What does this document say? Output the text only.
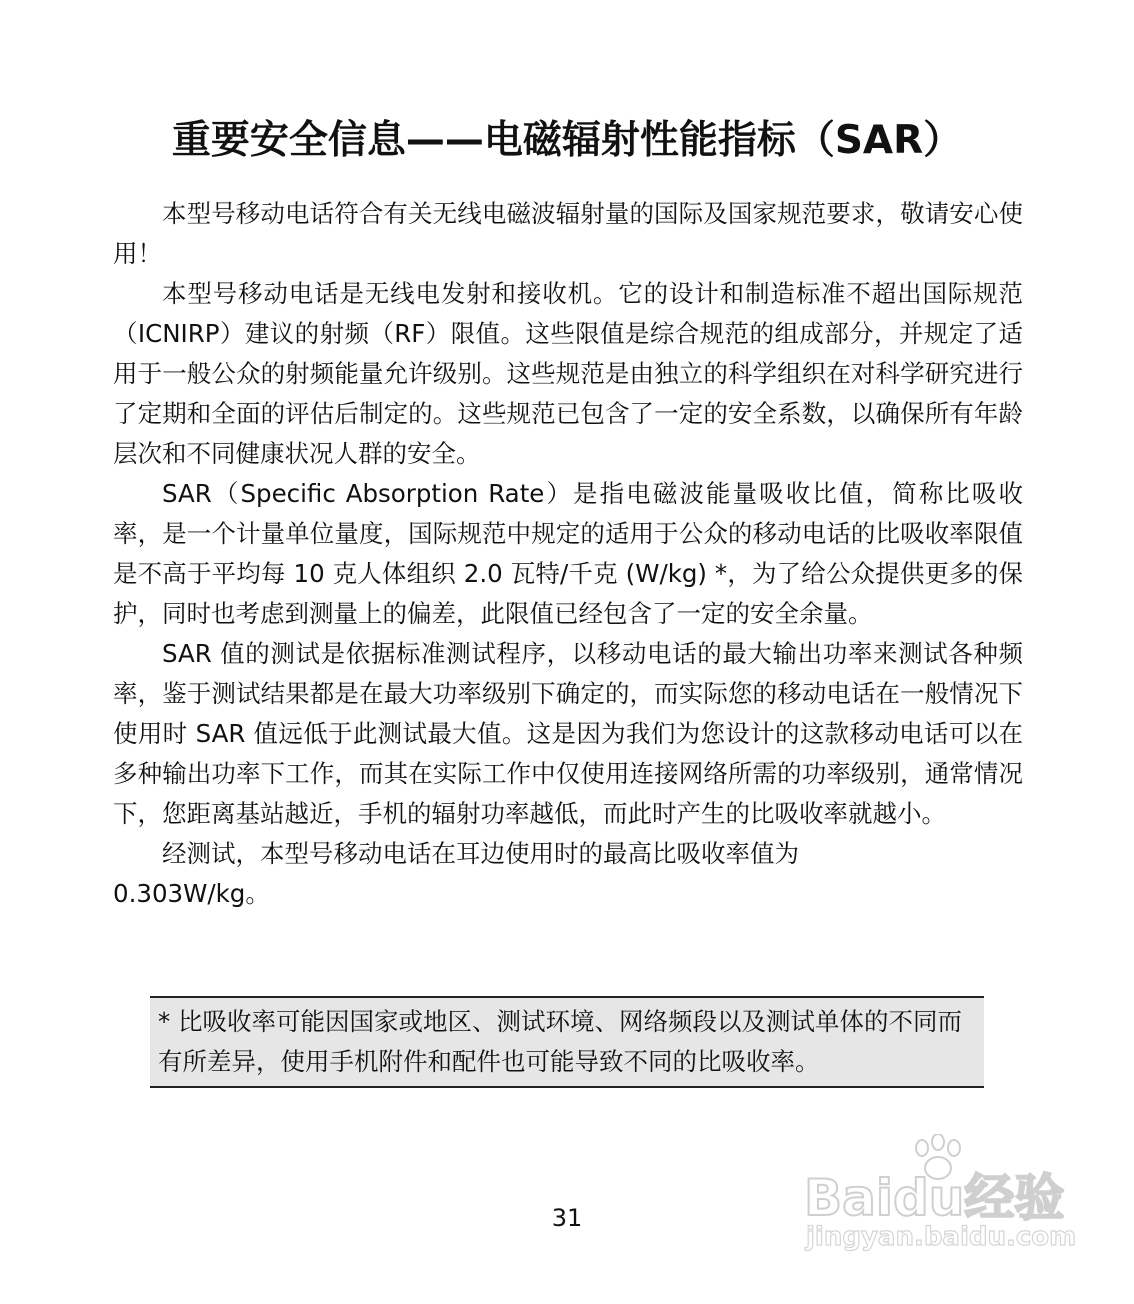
重要安全信息——电磁辐射性能指标（SAR）

本型号移动电话符合有关无线电磁波辐射量的国际及国家规范要求，敬请安心使用！

本型号移动电话是无线电发射和接收机。它的设计和制造标准不超出国际规范（ICNIRP）建议的射频（RF）限值。这些限值是综合规范的组成部分，并规定了适用于一般公众的射频能量允许级别。这些规范是由独立的科学组织在对科学研究进行了定期和全面的评估后制定的。这些规范已包含了一定的安全系数，以确保所有年龄层次和不同健康状况人群的安全。

SAR（Specific Absorption Rate）是指电磁波能量吸收比值，简称比吸收率，是一个计量单位量度，国际规范中规定的适用于公众的移动电话的比吸收率限值是不高于平均每 10 克人体组织 2.0 瓦特/千克 (W/kg) *，为了给公众提供更多的保护，同时也考虑到测量上的偏差，此限值已经包含了一定的安全余量。

SAR 值的测试是依据标准测试程序，以移动电话的最大输出功率来测试各种频率，鉴于测试结果都是在最大功率级别下确定的，而实际您的移动电话在一般情况下使用时 SAR 值远低于此测试最大值。这是因为我们为您设计的这款移动电话可以在多种输出功率下工作，而其在实际工作中仅使用连接网络所需的功率级别，通常情况下，您距离基站越近，手机的辐射功率越低，而此时产生的比吸收率就越小。

经测试，本型号移动电话在耳边使用时的最高比吸收率值为

0.303W/kg。

* 比吸收率可能因国家或地区、测试环境、网络频段以及测试单体的不同而有所差异，使用手机附件和配件也可能导致不同的比吸收率。
31	Baidu经验
jingyan.baidu.com
